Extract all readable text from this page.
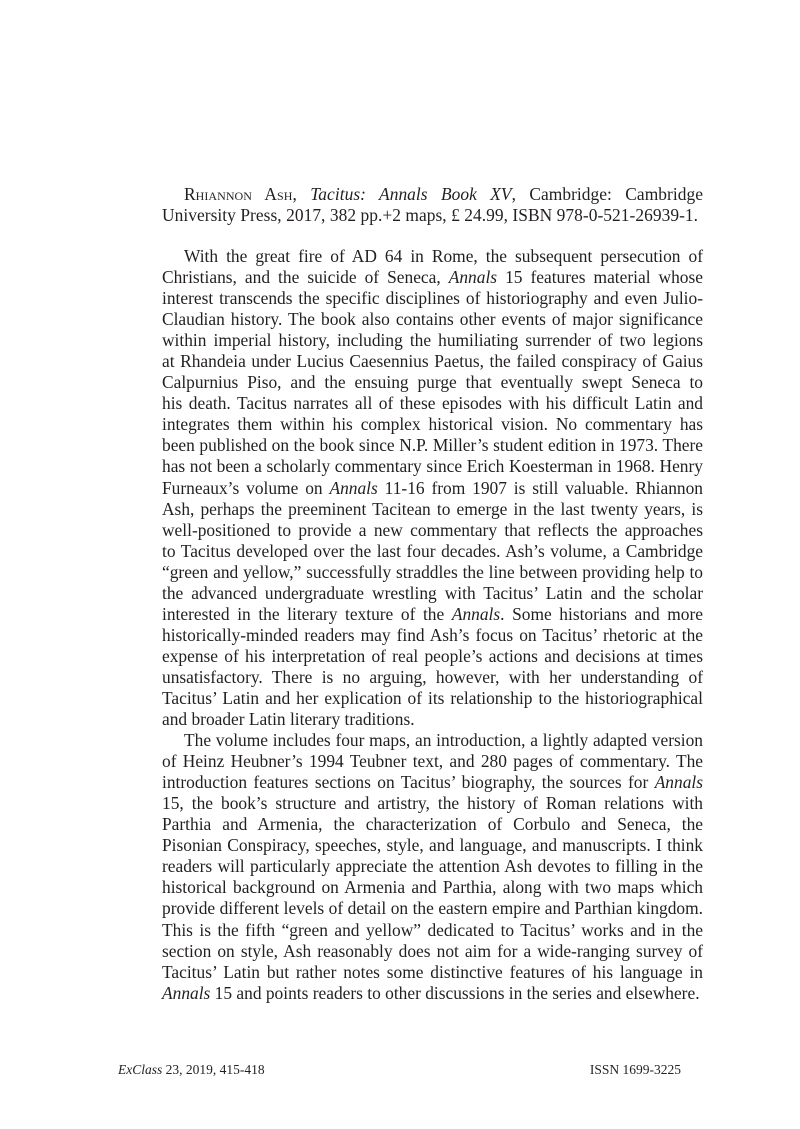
Rhiannon Ash, Tacitus: Annals Book XV, Cambridge: Cambridge
University Press, 2017, 382 pp.+2 maps, £ 24.99, ISBN 978-0-521-26939-1.
With the great fire of AD 64 in Rome, the subsequent persecution of
Christians, and the suicide of Seneca, Annals 15 features material whose
interest transcends the specific disciplines of historiography and even Julio-
Claudian history. The book also contains other events of major significance
within imperial history, including the humiliating surrender of two legions
at Rhandeia under Lucius Caesennius Paetus, the failed conspiracy of Gaius
Calpurnius Piso, and the ensuing purge that eventually swept Seneca to
his death. Tacitus narrates all of these episodes with his difficult Latin and
integrates them within his complex historical vision. No commentary has
been published on the book since N.P. Miller’s student edition in 1973. There
has not been a scholarly commentary since Erich Koesterman in 1968. Henry
Furneaux’s volume on Annals 11-16 from 1907 is still valuable. Rhiannon
Ash, perhaps the preeminent Tacitean to emerge in the last twenty years, is
well-positioned to provide a new commentary that reflects the approaches
to Tacitus developed over the last four decades. Ash’s volume, a Cambridge
“green and yellow,” successfully straddles the line between providing help to
the advanced undergraduate wrestling with Tacitus’ Latin and the scholar
interested in the literary texture of the Annals. Some historians and more
historically-minded readers may find Ash’s focus on Tacitus’ rhetoric at the
expense of his interpretation of real people’s actions and decisions at times
unsatisfactory. There is no arguing, however, with her understanding of
Tacitus’ Latin and her explication of its relationship to the historiographical
and broader Latin literary traditions.
The volume includes four maps, an introduction, a lightly adapted version
of Heinz Heubner’s 1994 Teubner text, and 280 pages of commentary. The
introduction features sections on Tacitus’ biography, the sources for Annals
15, the book’s structure and artistry, the history of Roman relations with
Parthia and Armenia, the characterization of Corbulo and Seneca, the
Pisonian Conspiracy, speeches, style, and language, and manuscripts. I think
readers will particularly appreciate the attention Ash devotes to filling in the
historical background on Armenia and Parthia, along with two maps which
provide different levels of detail on the eastern empire and Parthian kingdom.
This is the fifth “green and yellow” dedicated to Tacitus’ works and in the
section on style, Ash reasonably does not aim for a wide-ranging survey of
Tacitus’ Latin but rather notes some distinctive features of his language in
Annals 15 and points readers to other discussions in the series and elsewhere.
ExClass 23, 2019, 415-418	ISSN 1699-3225
